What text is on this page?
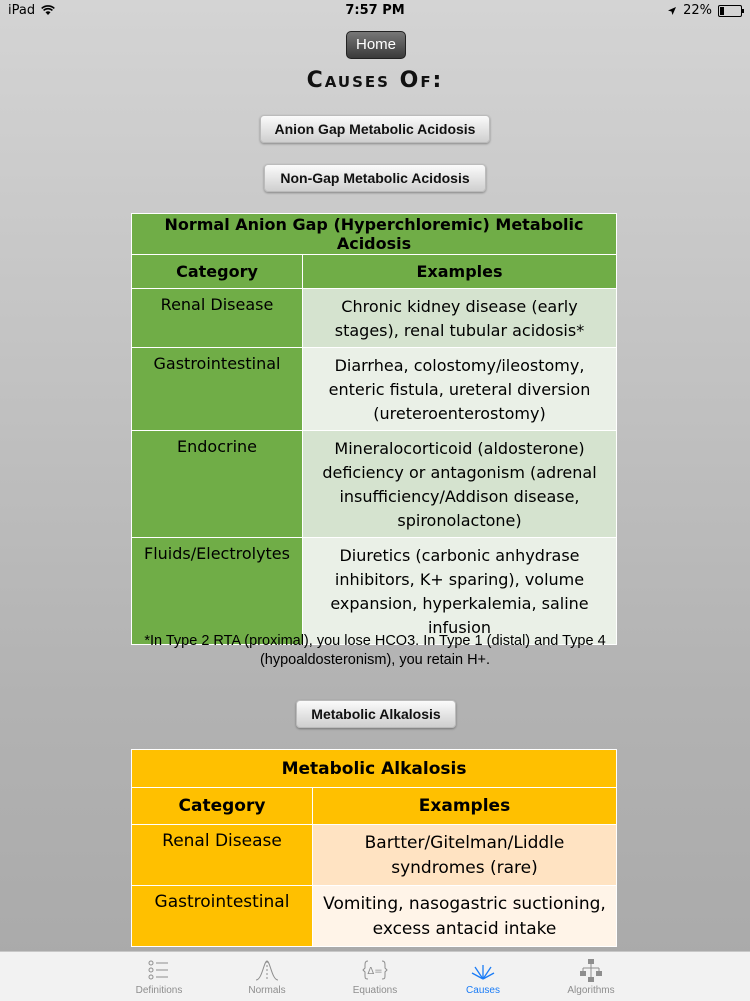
iPad	7:57 PM	22%
Home
Causes Of:
Anion Gap Metabolic Acidosis
Non-Gap Metabolic Acidosis
Normal Anion Gap (Hyperchloremic) Metabolic Acidosis	
Category	Examples
Renal Disease	Chronic kidney disease (early stages), renal tubular acidosis*
Gastrointestinal	Diarrhea, colostomy/ileostomy, enteric fistula, ureteral diversion (ureteroenterostomy)
Endocrine	Mineralocorticoid (aldosterone) deficiency or antagonism (adrenal insufficiency/Addison disease, spironolactone)
Fluids/Electrolytes	Diuretics (carbonic anhydrase inhibitors, K+ sparing), volume expansion, hyperkalemia, saline infusion
*In Type 2 RTA (proximal), you lose HCO3. In Type 1 (distal) and Type 4 (hypoaldosteronism), you retain H+.
Metabolic Alkalosis
Metabolic Alkalosis	
Category	Examples
Renal Disease	Bartter/Gitelman/Liddle syndromes (rare)
Gastrointestinal	Vomiting, nasogastric suctioning, excess antacid intake
Definitions	Normals
Δ=
Equations	Causes	Algorithms
